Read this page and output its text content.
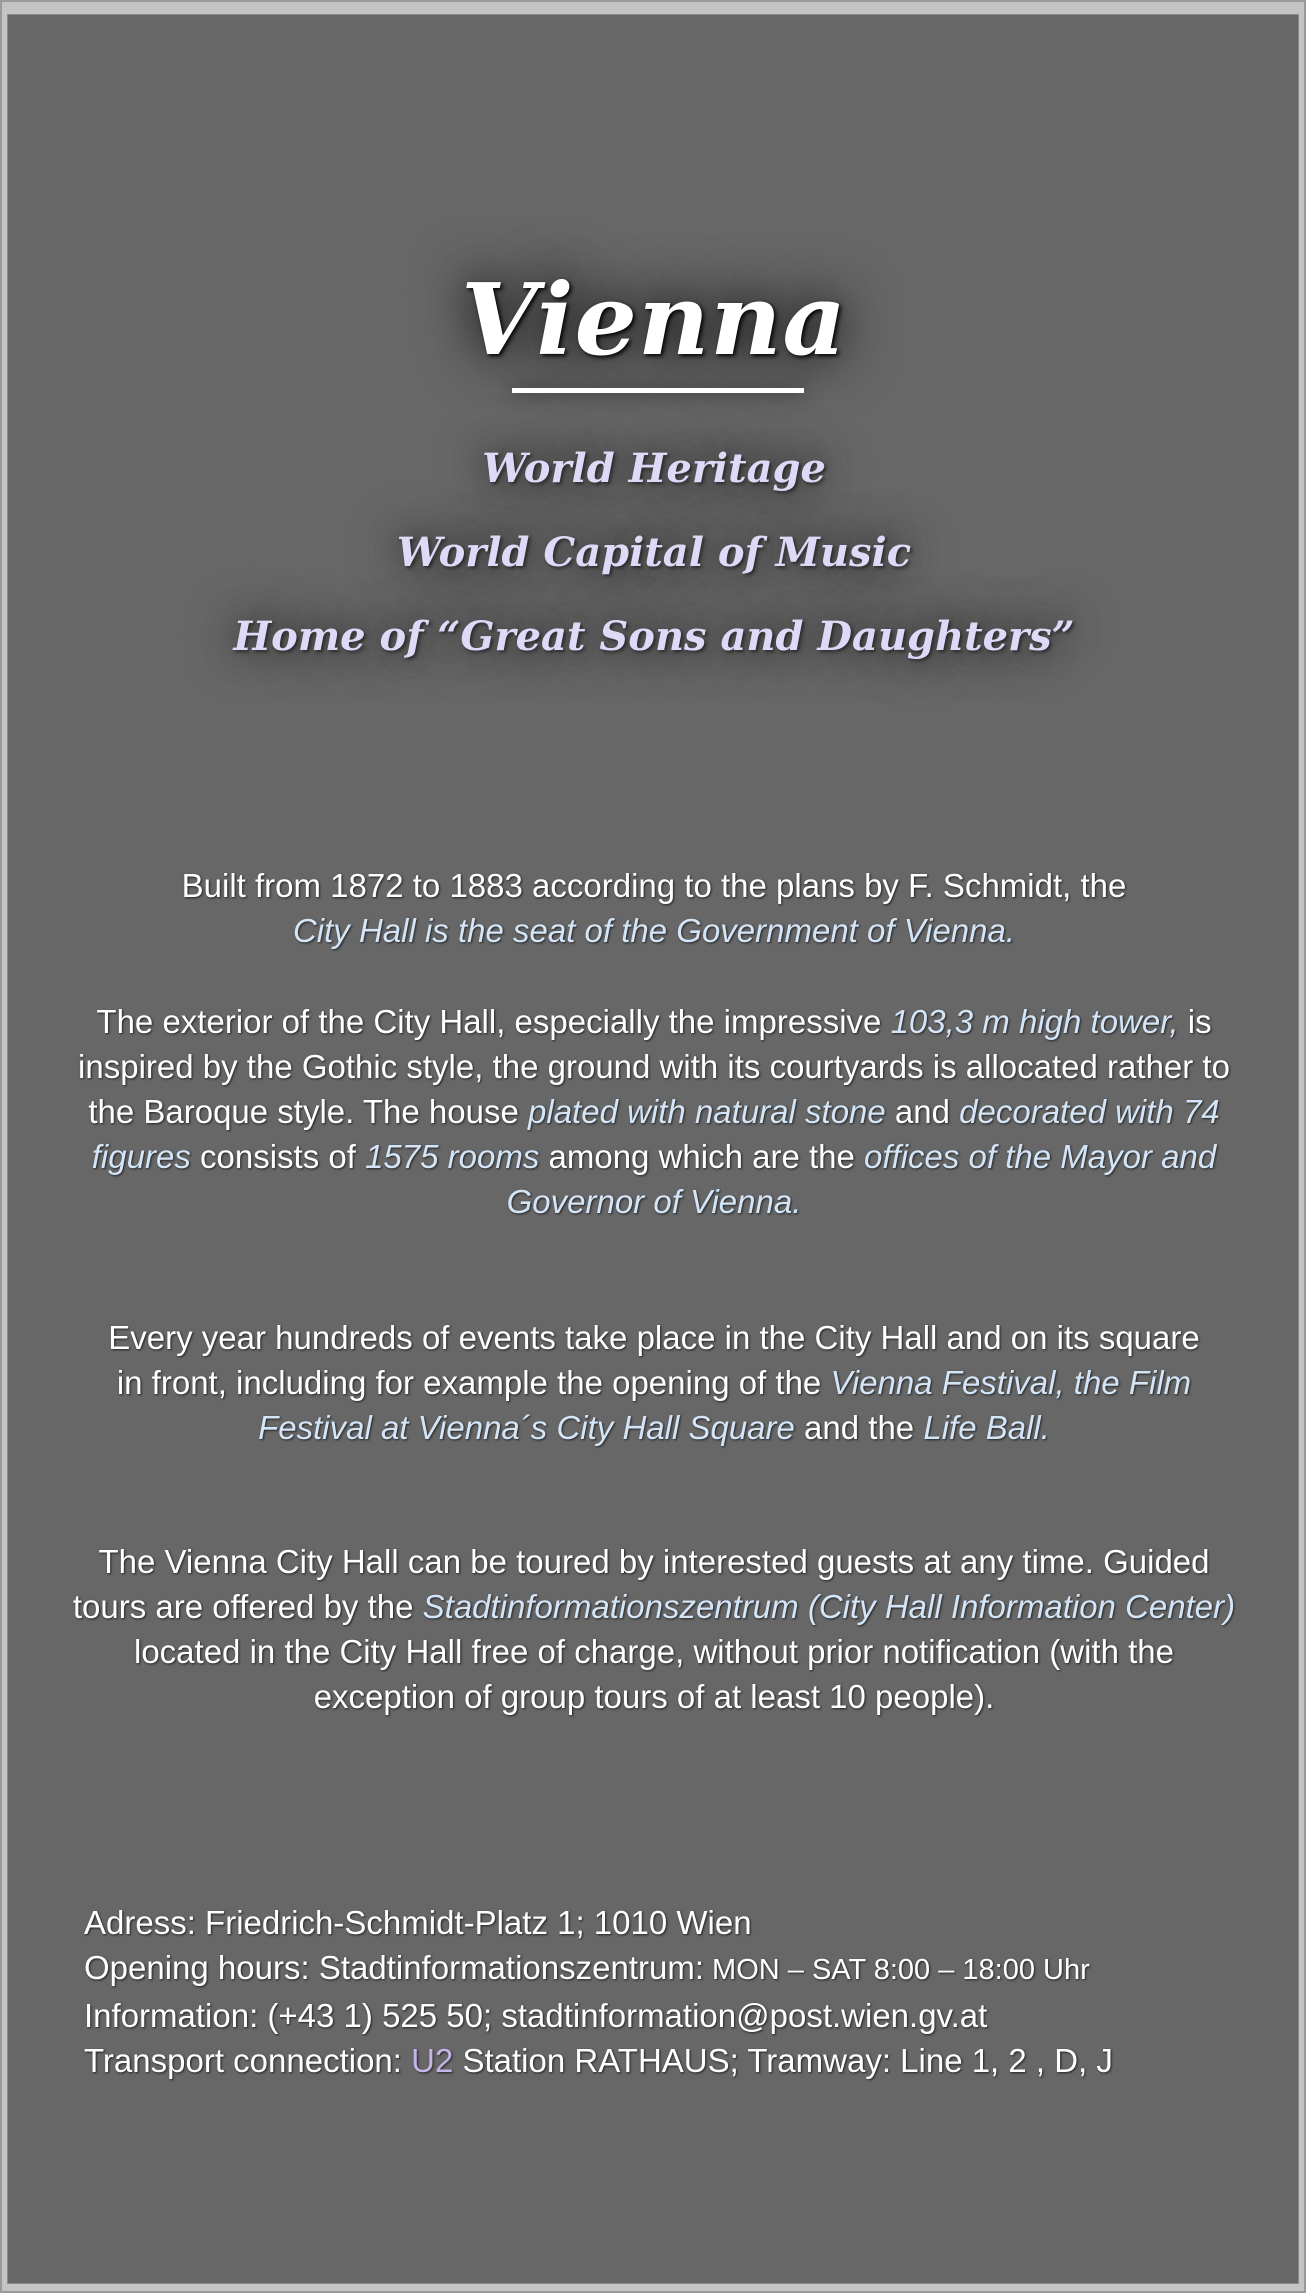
Vienna
World Heritage
World Capital of Music
Home of “Great Sons and Daughters”
Built from 1872 to 1883 according to the plans by F. Schmidt, the
City Hall is the seat of the Government of Vienna.
The exterior of the City Hall, especially the impressive 103,3 m high tower, is inspired by the Gothic style, the ground with its courtyards is allocated rather to the Baroque style. The house plated with natural stone and decorated with 74 figures consists of 1575 rooms among which are the offices of the Mayor and Governor of Vienna.
Every year hundreds of events take place in the City Hall and on its square in front, including for example the opening of the Vienna Festival, the Film Festival at Vienna´s City Hall Square and the Life Ball.
The Vienna City Hall can be toured by interested guests at any time. Guided tours are offered by the Stadtinformationszentrum (City Hall Information Center) located in the City Hall free of charge, without prior notification (with the exception of group tours of at least 10 people).
Adress: Friedrich-Schmidt-Platz 1; 1010 Wien
Opening hours: Stadtinformationszentrum: MON – SAT 8:00 – 18:00 Uhr
Information: (+43 1) 525 50; stadtinformation@post.wien.gv.at
Transport connection: U2 Station RATHAUS; Tramway: Line 1, 2 , D, J
